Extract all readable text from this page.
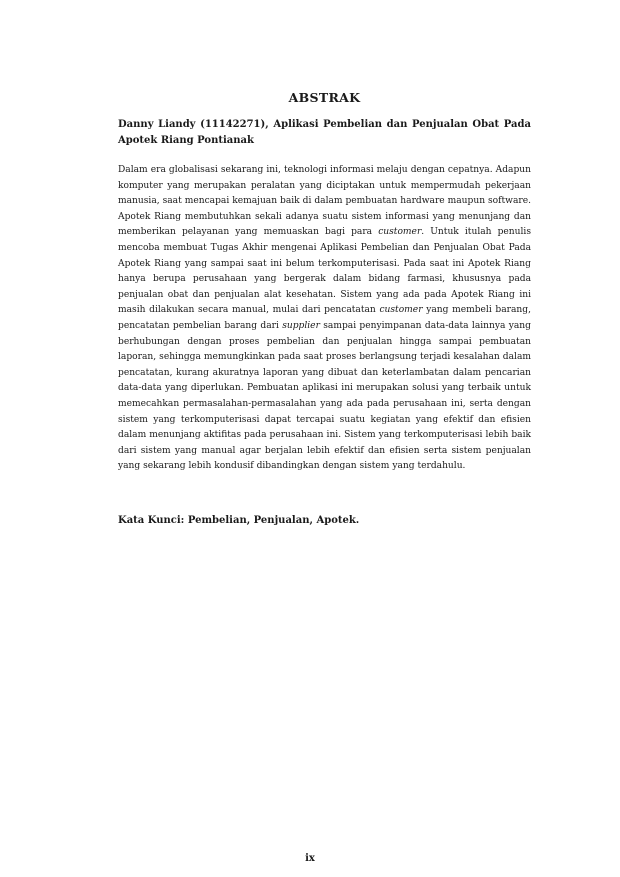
ABSTRAK
Danny Liandy (11142271), Aplikasi Pembelian dan Penjualan Obat Pada Apotek Riang Pontianak

Dalam era globalisasi sekarang ini, teknologi informasi melaju dengan cepatnya. Adapun komputer yang merupakan peralatan yang diciptakan untuk mempermudah pekerjaan manusia, saat mencapai kemajuan baik di dalam pembuatan hardware maupun software. Apotek Riang membutuhkan sekali adanya suatu sistem informasi yang menunjang dan memberikan pelayanan yang memuaskan bagi para customer. Untuk itulah penulis mencoba membuat Tugas Akhir mengenai Aplikasi Pembelian dan Penjualan Obat Pada Apotek Riang yang sampai saat ini belum terkomputerisasi. Pada saat ini Apotek Riang hanya berupa perusahaan yang bergerak dalam bidang farmasi, khususnya pada penjualan obat dan penjualan alat kesehatan. Sistem yang ada pada Apotek Riang ini masih dilakukan secara manual, mulai dari pencatatan customer yang membeli barang, pencatatan pembelian barang dari supplier sampai penyimpanan data-data lainnya yang berhubungan dengan proses pembelian dan penjualan hingga sampai pembuatan laporan, sehingga memungkinkan pada saat proses berlangsung terjadi kesalahan dalam pencatatan, kurang akuratnya laporan yang dibuat dan keterlambatan dalam pencarian data-data yang diperlukan. Pembuatan aplikasi ini merupakan solusi yang terbaik untuk memecahkan permasalahan-permasalahan yang ada pada perusahaan ini, serta dengan sistem yang terkomputerisasi dapat tercapai suatu kegiatan yang efektif dan efisien dalam menunjang aktifitas pada perusahaan ini. Sistem yang terkomputerisasi lebih baik dari sistem yang manual agar berjalan lebih efektif dan efisien serta sistem penjualan yang sekarang lebih kondusif dibandingkan dengan sistem yang terdahulu.

Kata Kunci: Pembelian, Penjualan, Apotek.
ix
